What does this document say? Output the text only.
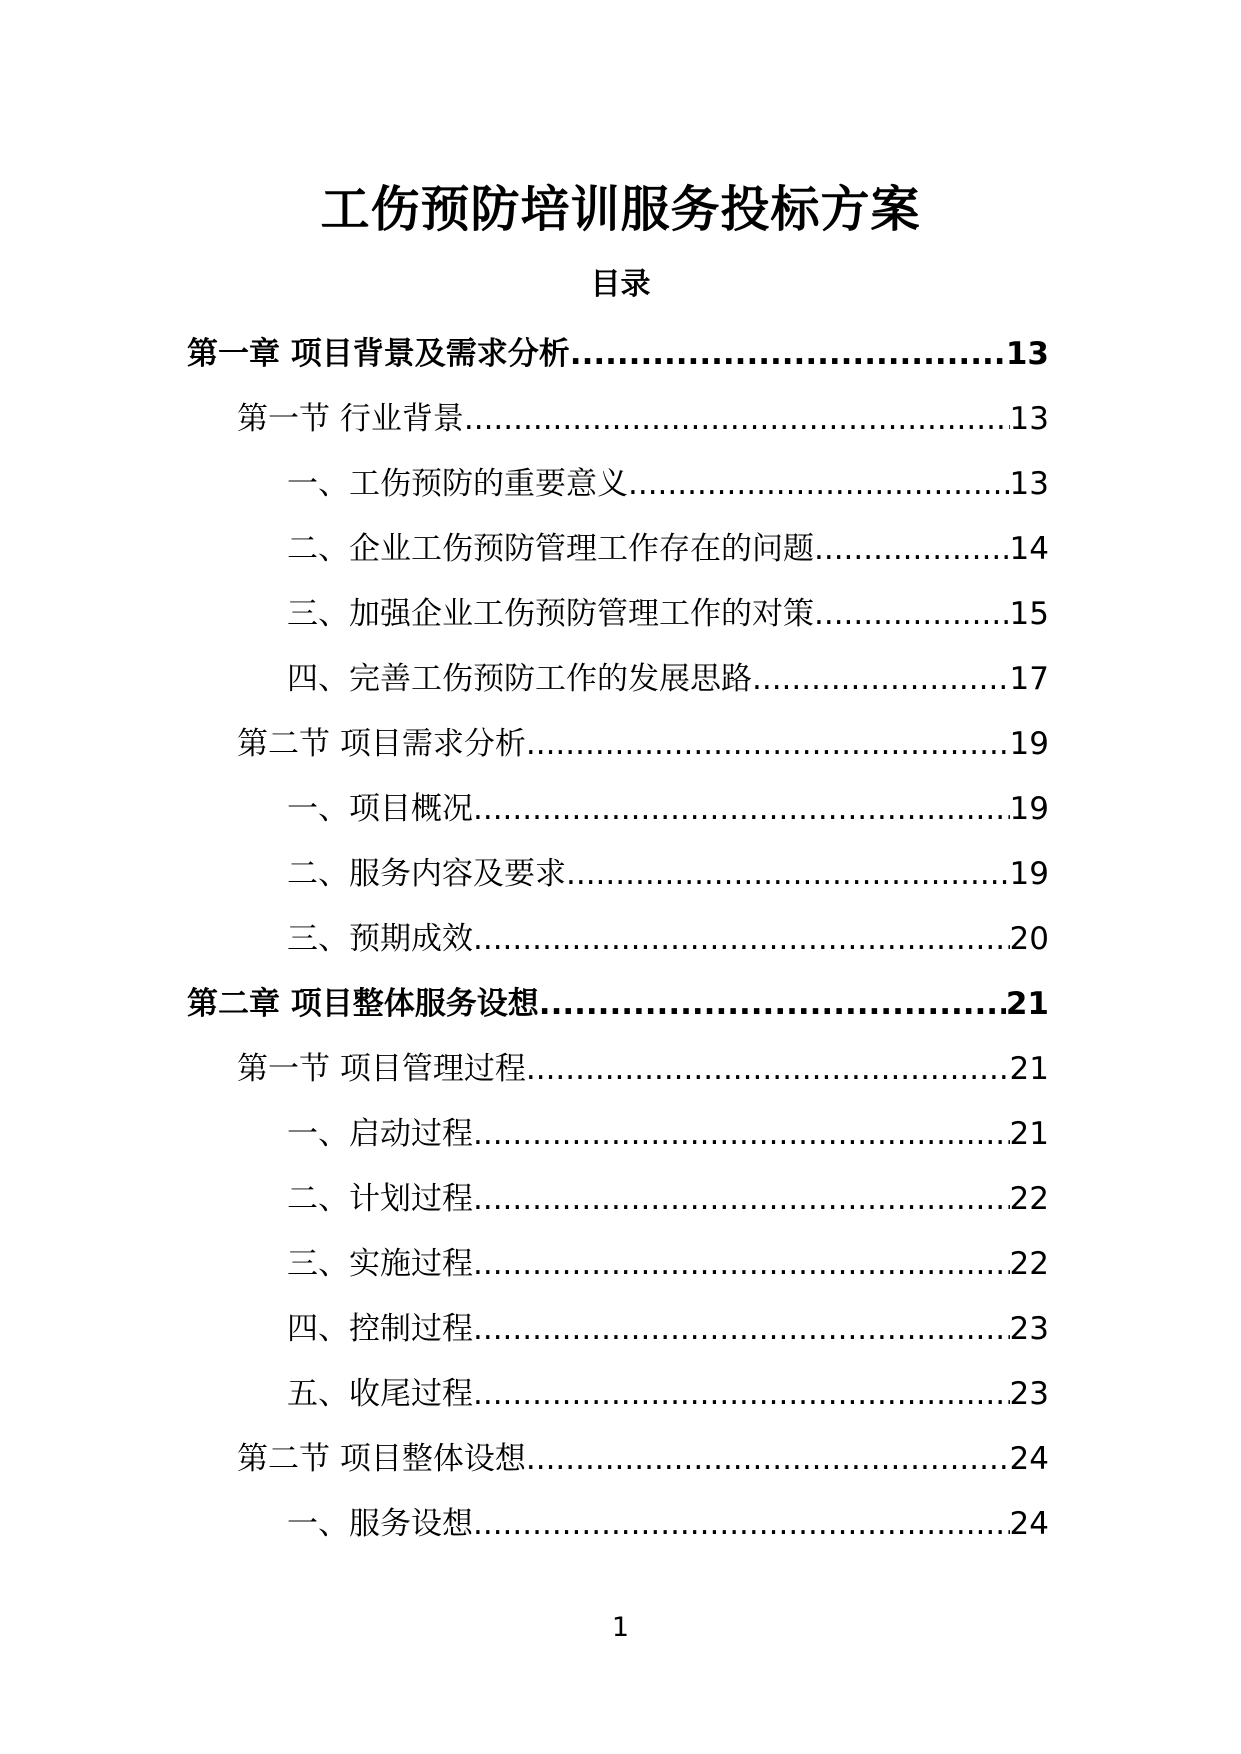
工伤预防培训服务投标方案
目录
第一章 项目背景及需求分析 .....	13
第一节 行业背景 .....	13
一、工伤预防的重要意义 .....	13
二、企业工伤预防管理工作存在的问题 .....	14
三、加强企业工伤预防管理工作的对策 .....	15
四、完善工伤预防工作的发展思路 .....	17
第二节 项目需求分析 .....	19
一、项目概况 .....	19
二、服务内容及要求 .....	19
三、预期成效 .....	20
第二章 项目整体服务设想 .....	21
第一节 项目管理过程 .....	21
一、启动过程 .....	21
二、计划过程 .....	22
三、实施过程 .....	22
四、控制过程 .....	23
五、收尾过程 .....	23
第二节 项目整体设想 .....	24
一、服务设想 .....	24
1
